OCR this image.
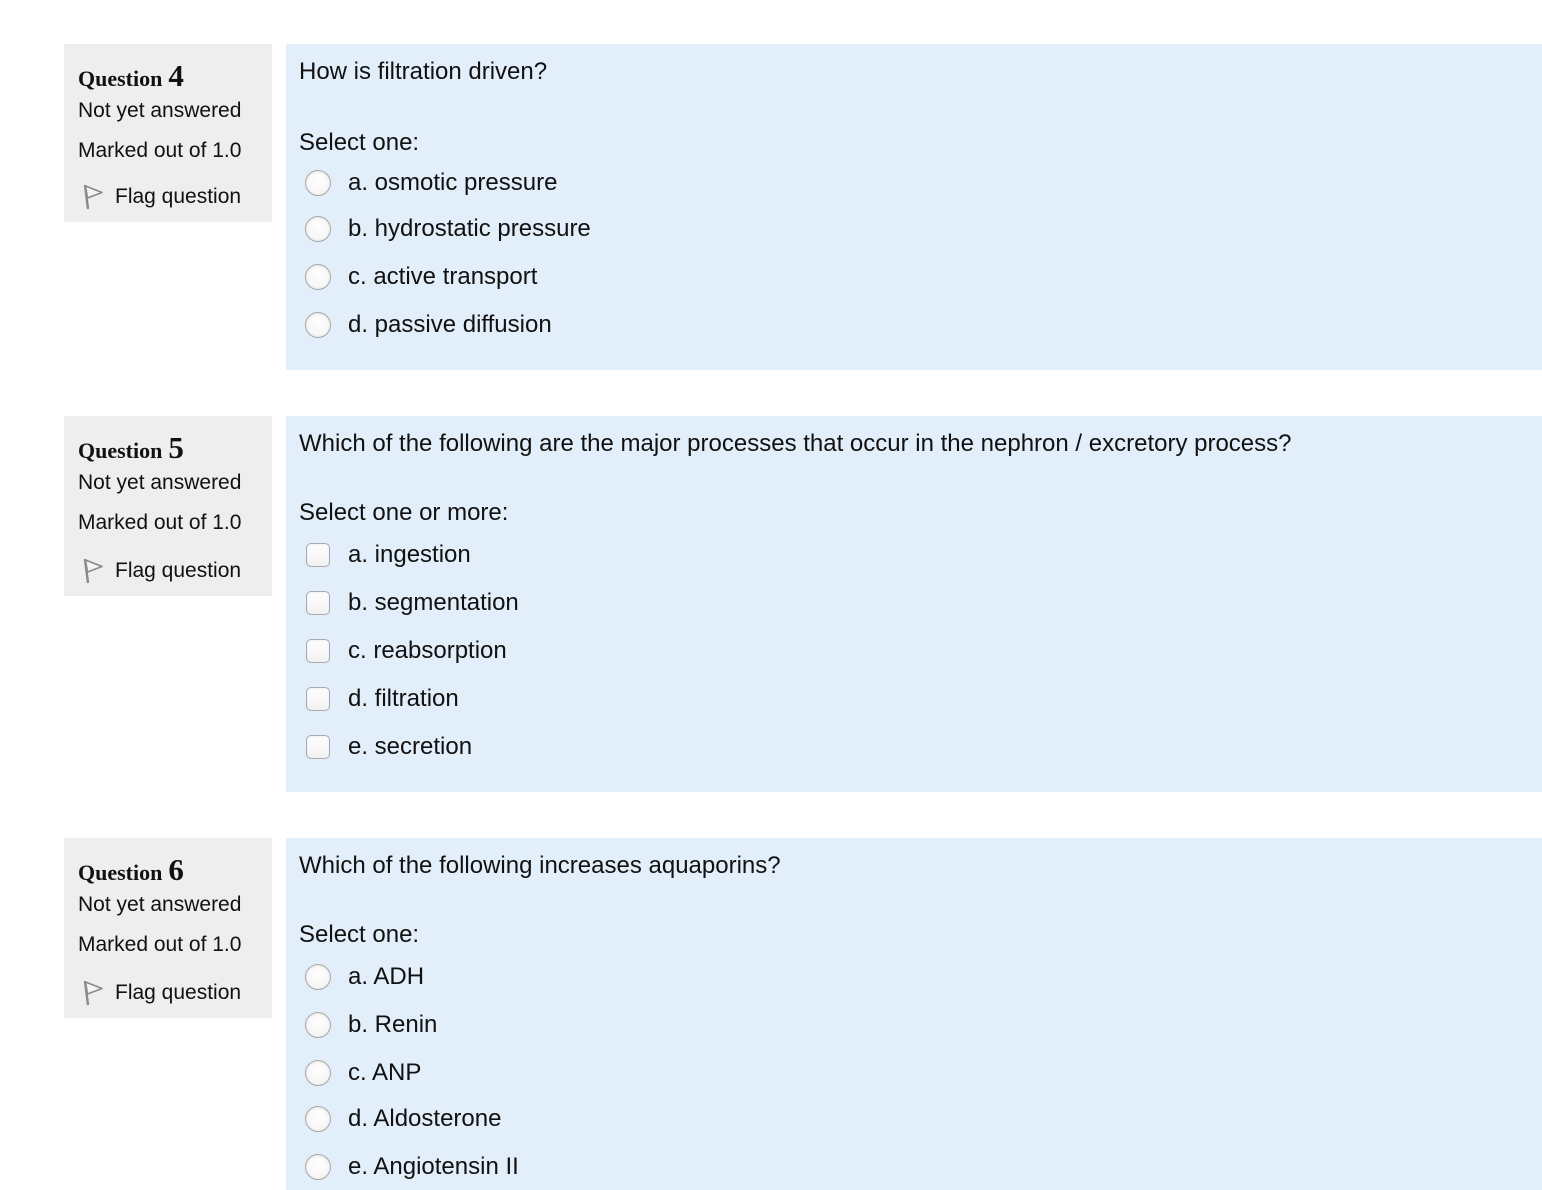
Question 4
Not yet answered
Marked out of 1.0
Flag question
How is filtration driven?
Select one:
a. osmotic pressure
b. hydrostatic pressure
c. active transport
d. passive diffusion
Question 5
Not yet answered
Marked out of 1.0
Flag question
Which of the following are the major processes that occur in the nephron / excretory process?
Select one or more:
a. ingestion
b. segmentation
c. reabsorption
d. filtration
e. secretion
Question 6
Not yet answered
Marked out of 1.0
Flag question
Which of the following increases aquaporins?
Select one:
a. ADH
b. Renin
c. ANP
d. Aldosterone
e. Angiotensin II
